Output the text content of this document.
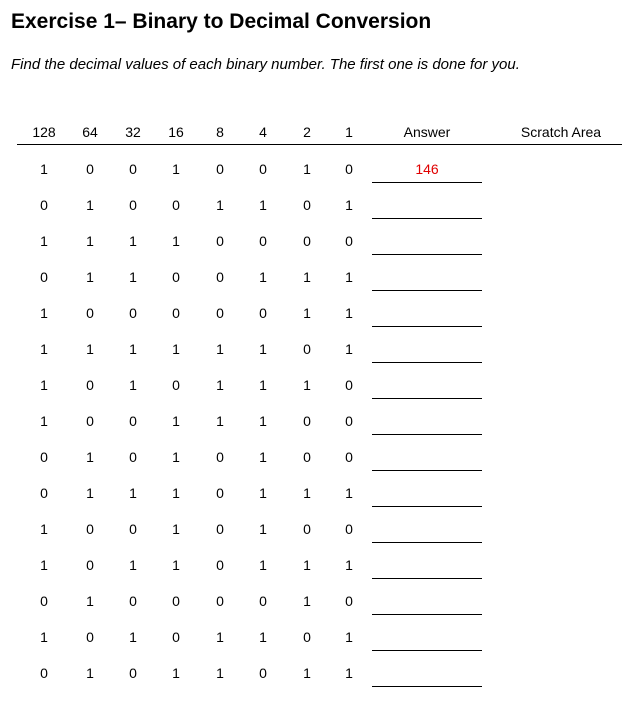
Exercise 1– Binary to Decimal Conversion
Find the decimal values of each binary number. The first one is done for you.
128	64	32	16	8	4	2	1	Answer	Scratch Area
1	0	0	1	0	0	1	0	146
0	1	0	0	1	1	0	1
1	1	1	1	0	0	0	0
0	1	1	0	0	1	1	1
1	0	0	0	0	0	1	1
1	1	1	1	1	1	0	1
1	0	1	0	1	1	1	0
1	0	0	1	1	1	0	0
0	1	0	1	0	1	0	0
0	1	1	1	0	1	1	1
1	0	0	1	0	1	0	0
1	0	1	1	0	1	1	1
0	1	0	0	0	0	1	0
1	0	1	0	1	1	0	1
0	1	0	1	1	0	1	1
